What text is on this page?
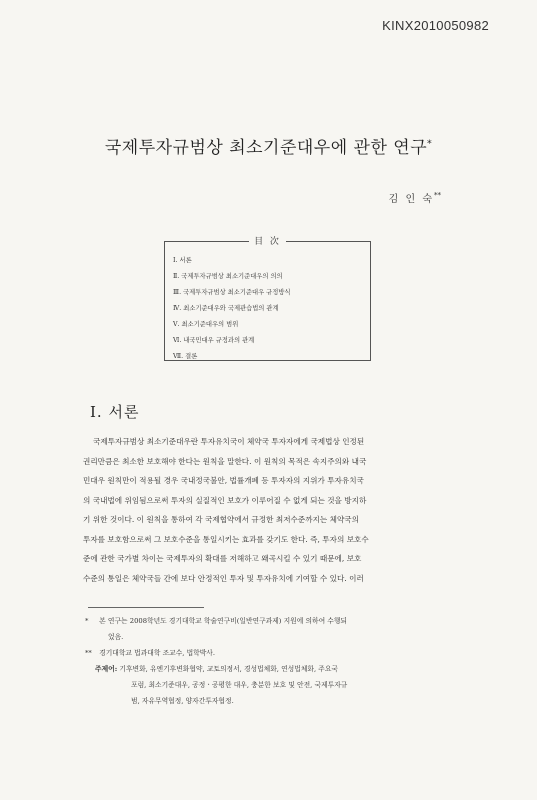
KINX2010050982
국제투자규범상 최소기준대우에 관한 연구*
김 인 숙**
目 次
Ⅰ. 서론
Ⅱ. 국제투자규범상 최소기준대우의 의의
Ⅲ. 국제투자규범상 최소기준대우 규정방식
Ⅳ. 최소기준대우와 국제관습법의 관계
Ⅴ. 최소기준대우의 범위
Ⅵ. 내국민대우 규정과의 관계
Ⅶ. 결론
Ⅰ. 서론

국제투자규범상 최소기준대우란 투자유치국이 체약국 투자자에게 국제법상 인정된
권리만큼은 최소한 보호해야 한다는 원칙을 말한다. 이 원칙의 목적은 속지주의와 내국
민대우 원칙만이 적용될 경우 국내정국불안, 법률개폐 등 투자자의 지위가 투자유치국
의 국내법에 위임됨으로써 투자의 실질적인 보호가 이루어질 수 없게 되는 것을 방지하
기 위한 것이다. 이 원칙을 통하여 각 국제협약에서 규정한 최저수준까지는 체약국의
투자를 보호함으로써 그 보호수준을 통일시키는 효과를 갖기도 한다. 즉, 투자의 보호수
준에 관한 국가별 차이는 국제투자의 확대를 저해하고 왜곡시킬 수 있기 때문에, 보호
수준의 통일은 체약국들 간에 보다 안정적인 투자 및 투자유치에 기여할 수 있다. 이러

* 본 연구는 2008학년도 경기대학교 학술연구비(일반연구과제) 지원에 의하여 수행되
었음.
** 경기대학교 법과대학 조교수, 법학박사.
주제어: 기후변화, 유엔기후변화협약, 교토의정서, 경성법체화, 연성법체화, 주요국
포럼, 최소기준대우, 공정ㆍ공평한 대우, 충분한 보호 및 안전, 국제투자규
범, 자유무역협정, 양자간투자협정.
